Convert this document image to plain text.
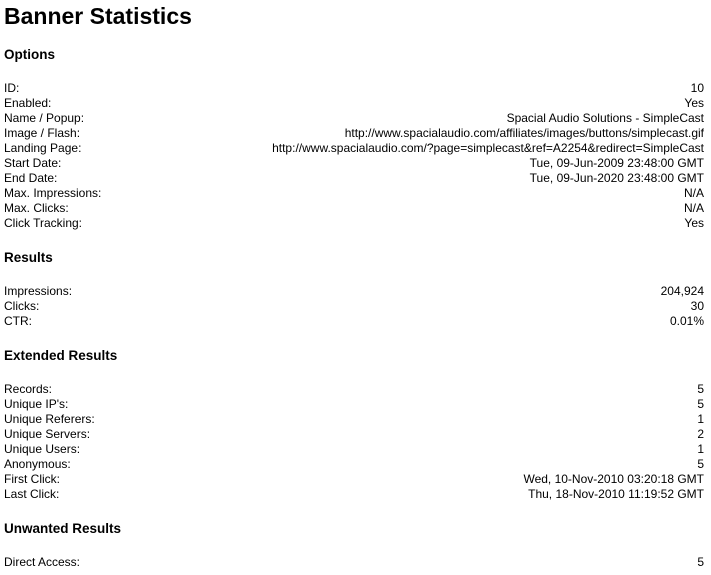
Banner Statistics
Options
ID:	10
Enabled:	Yes
Name / Popup:	Spacial Audio Solutions - SimpleCast
Image / Flash:	http://www.spacialaudio.com/affiliates/images/buttons/simplecast.gif
Landing Page:	http://www.spacialaudio.com/?page=simplecast&ref=A2254&redirect=SimpleCast
Start Date:	Tue, 09-Jun-2009 23:48:00 GMT
End Date:	Tue, 09-Jun-2020 23:48:00 GMT
Max. Impressions:	N/A
Max. Clicks:	N/A
Click Tracking:	Yes
Results
Impressions:	204,924
Clicks:	30
CTR:	0.01%
Extended Results
Records:	5
Unique IP's:	5
Unique Referers:	1
Unique Servers:	2
Unique Users:	1
Anonymous:	5
First Click:	Wed, 10-Nov-2010 03:20:18 GMT
Last Click:	Thu, 18-Nov-2010 11:19:52 GMT
Unwanted Results
Direct Access:	5
